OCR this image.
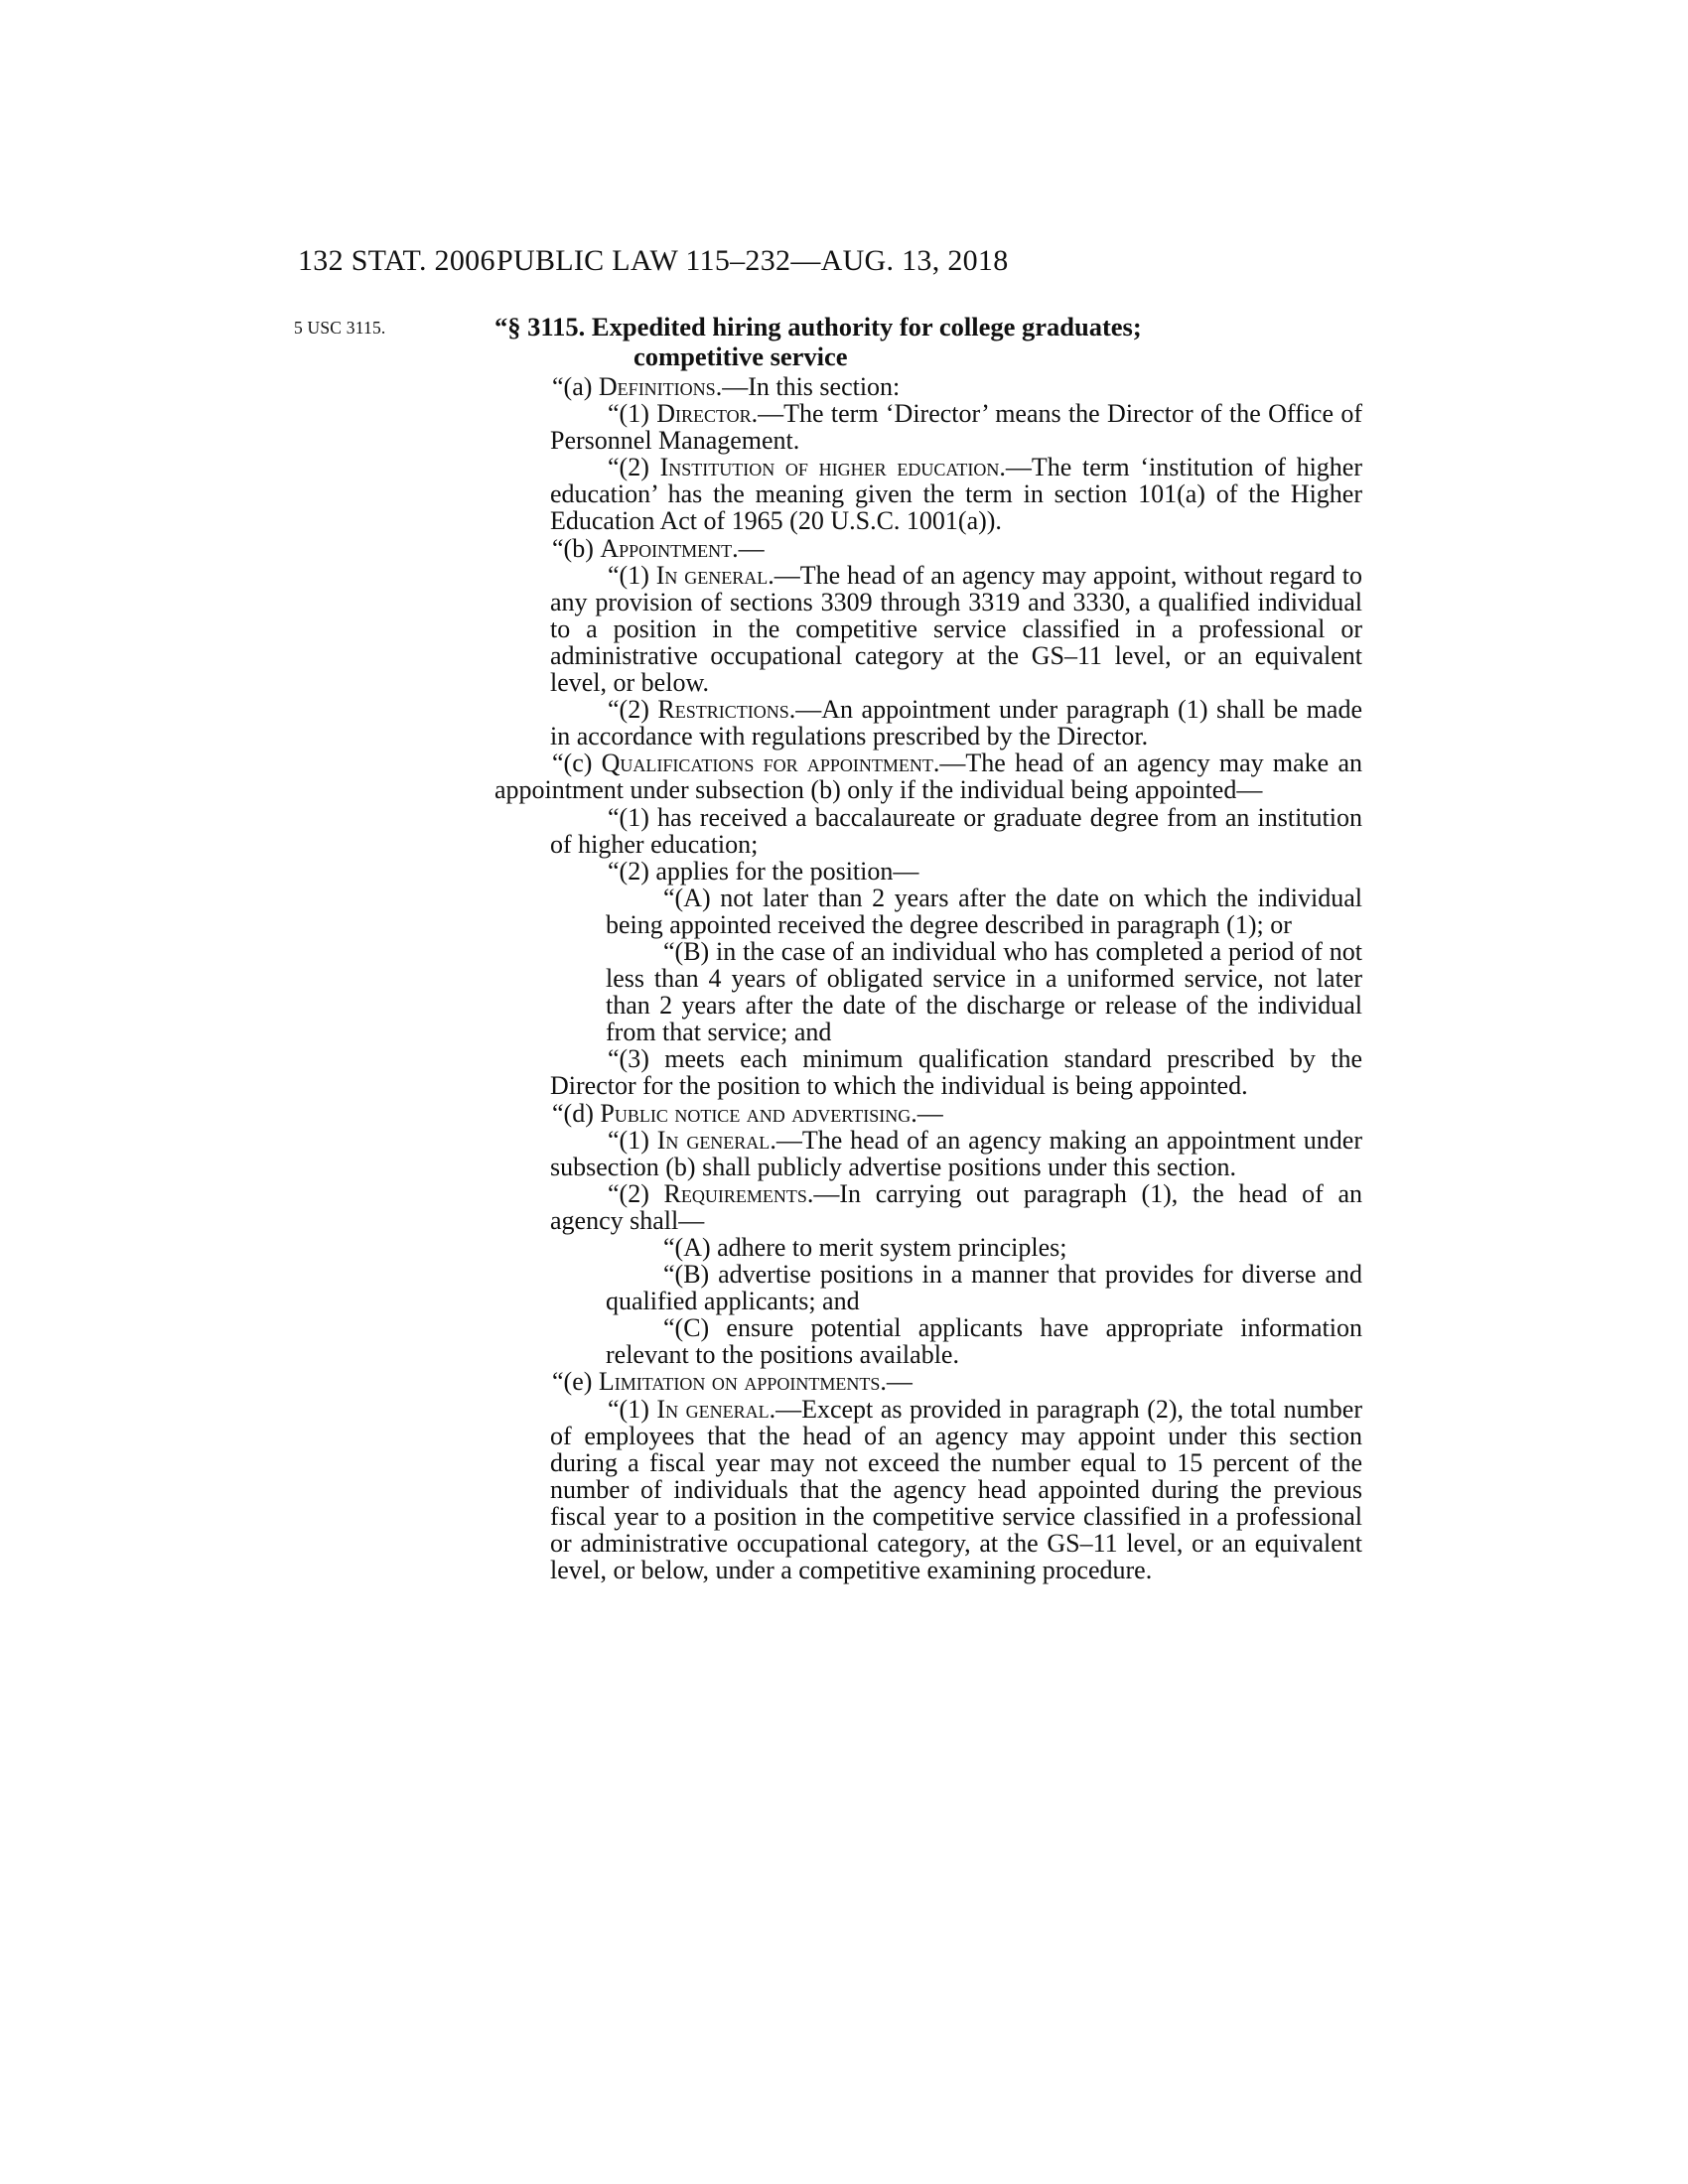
132 STAT. 2006 PUBLIC LAW 115–232—AUG. 13, 2018
5 USC 3115.	“§ 3115. Expedited hiring authority for college graduates;
competitive service

“(a) Definitions.—In this section:

“(1) Director.—The term ‘Director’ means the Director of the Office of Personnel Management.

“(2) Institution of higher education.—The term ‘institution of higher education’ has the meaning given the term in section 101(a) of the Higher Education Act of 1965 (20 U.S.C. 1001(a)).

“(b) Appointment.—

“(1) In general.—The head of an agency may appoint, without regard to any provision of sections 3309 through 3319 and 3330, a qualified individual to a position in the competitive service classified in a professional or administrative occupational category at the GS–11 level, or an equivalent level, or below.

“(2) Restrictions.—An appointment under paragraph (1) shall be made in accordance with regulations prescribed by the Director.

“(c) Qualifications for appointment.—The head of an agency may make an appointment under subsection (b) only if the individual being appointed—

“(1) has received a baccalaureate or graduate degree from an institution of higher education;

“(2) applies for the position—

“(A) not later than 2 years after the date on which the individual being appointed received the degree described in paragraph (1); or

“(B) in the case of an individual who has completed a period of not less than 4 years of obligated service in a uniformed service, not later than 2 years after the date of the discharge or release of the individual from that service; and

“(3) meets each minimum qualification standard prescribed by the Director for the position to which the individual is being appointed.

“(d) Public notice and advertising.—

“(1) In general.—The head of an agency making an appointment under subsection (b) shall publicly advertise positions under this section.

“(2) Requirements.—In carrying out paragraph (1), the head of an agency shall—

“(A) adhere to merit system principles;

“(B) advertise positions in a manner that provides for diverse and qualified applicants; and

“(C) ensure potential applicants have appropriate information relevant to the positions available.

“(e) Limitation on appointments.—

“(1) In general.—Except as provided in paragraph (2), the total number of employees that the head of an agency may appoint under this section during a fiscal year may not exceed the number equal to 15 percent of the number of individuals that the agency head appointed during the previous fiscal year to a position in the competitive service classified in a professional or administrative occupational category, at the GS–11 level, or an equivalent level, or below, under a competitive examining procedure.
